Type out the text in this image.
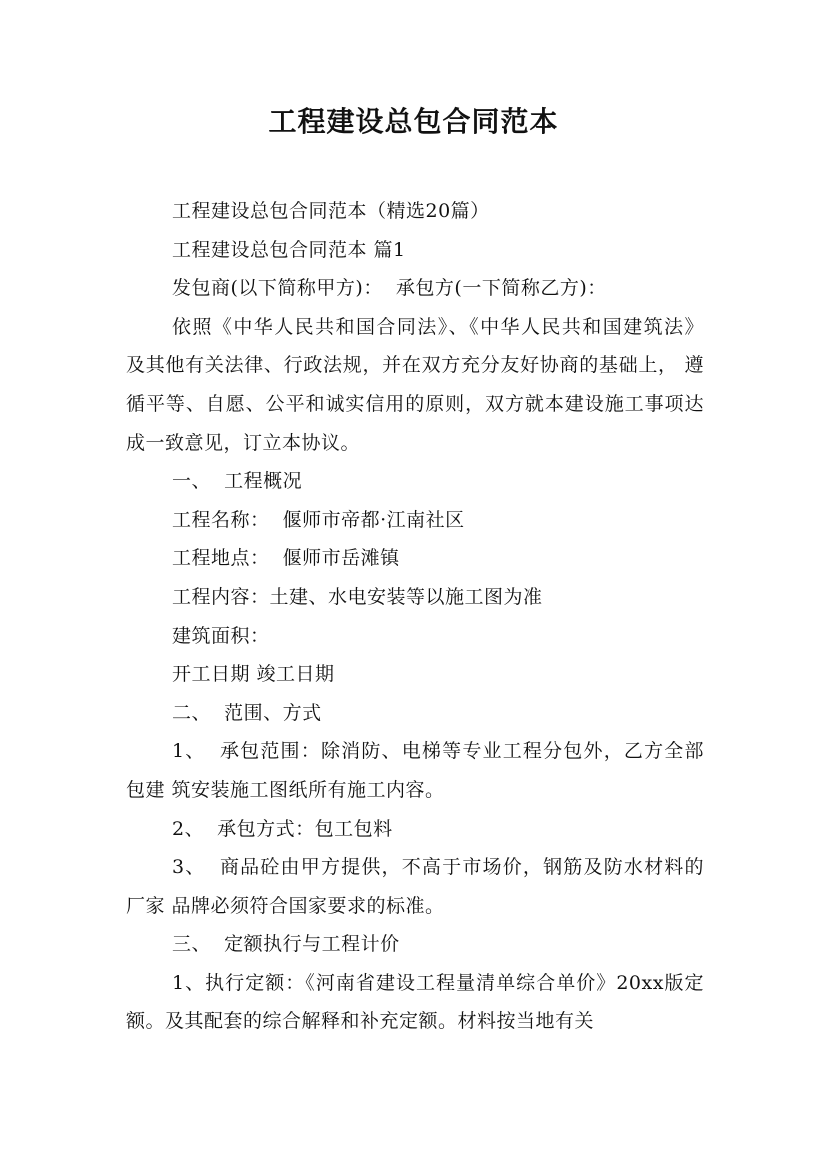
工程建设总包合同范本

工程建设总包合同范本（精选20篇）

工程建设总包合同范本 篇1

发包商(以下简称甲方)：  承包方(一下简称乙方)：

依照《中华人民共和国合同法》、《中华人民共和国建筑法》 及其他有关法律、行政法规，并在双方充分友好协商的基础上， 遵循平等、自愿、公平和诚实信用的原则，双方就本建设施工事项达成一致意见，订立本协议。

一、  工程概况

工程名称：  偃师市帝都·江南社区

工程地点：  偃师市岳滩镇

工程内容：土建、水电安装等以施工图为准

建筑面积：

开工日期 竣工日期

二、  范围、方式

1、  承包范围：除消防、电梯等专业工程分包外，乙方全部包建 筑安装施工图纸所有施工内容。

2、  承包方式：包工包料

3、  商品砼由甲方提供，不高于市场价，钢筋及防水材料的厂家 品牌必须符合国家要求的标准。

三、  定额执行与工程计价

1、执行定额：《河南省建设工程量清单综合单价》20xx版定额。及其配套的综合解释和补充定额。材料按当地有关
